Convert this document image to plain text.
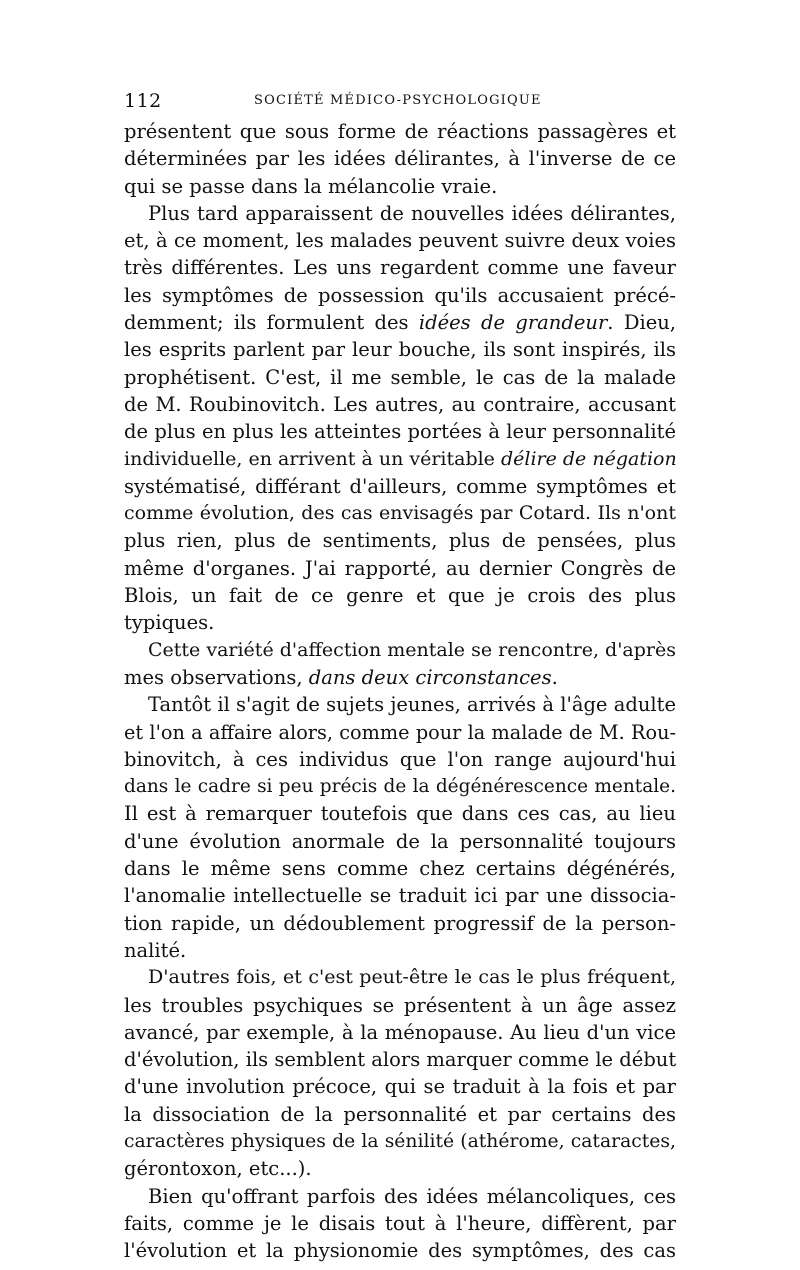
112	SOCIÉTÉ MÉDICO-PSYCHOLOGIQUE
présentent que sous forme de réactions passagères et
déterminées par les idées délirantes, à l'inverse de ce
qui se passe dans la mélancolie vraie.
Plus tard apparaissent de nouvelles idées délirantes,
et, à ce moment, les malades peuvent suivre deux voies
très différentes. Les uns regardent comme une faveur
les symptômes de possession qu'ils accusaient précé-
demment; ils formulent des idées de grandeur. Dieu,
les esprits parlent par leur bouche, ils sont inspirés, ils
prophétisent. C'est, il me semble, le cas de la malade
de M. Roubinovitch. Les autres, au contraire, accusant
de plus en plus les atteintes portées à leur personnalité
individuelle, en arrivent à un véritable délire de négation
systématisé, différant d'ailleurs, comme symptômes et
comme évolution, des cas envisagés par Cotard. Ils n'ont
plus rien, plus de sentiments, plus de pensées, plus
même d'organes. J'ai rapporté, au dernier Congrès de
Blois, un fait de ce genre et que je crois des plus
typiques.
Cette variété d'affection mentale se rencontre, d'après
mes observations, dans deux circonstances.
Tantôt il s'agit de sujets jeunes, arrivés à l'âge adulte
et l'on a affaire alors, comme pour la malade de M. Rou-
binovitch, à ces individus que l'on range aujourd'hui
dans le cadre si peu précis de la dégénérescence mentale.
Il est à remarquer toutefois que dans ces cas, au lieu
d'une évolution anormale de la personnalité toujours
dans le même sens comme chez certains dégénérés,
l'anomalie intellectuelle se traduit ici par une dissocia-
tion rapide, un dédoublement progressif de la person-
nalité.
D'autres fois, et c'est peut-être le cas le plus fréquent,
les troubles psychiques se présentent à un âge assez
avancé, par exemple, à la ménopause. Au lieu d'un vice
d'évolution, ils semblent alors marquer comme le début
d'une involution précoce, qui se traduit à la fois et par
la dissociation de la personnalité et par certains des
caractères physiques de la sénilité (athérome, cataractes,
gérontoxon, etc...).
Bien qu'offrant parfois des idées mélancoliques, ces
faits, comme je le disais tout à l'heure, diffèrent, par
l'évolution et la physionomie des symptômes, des cas
